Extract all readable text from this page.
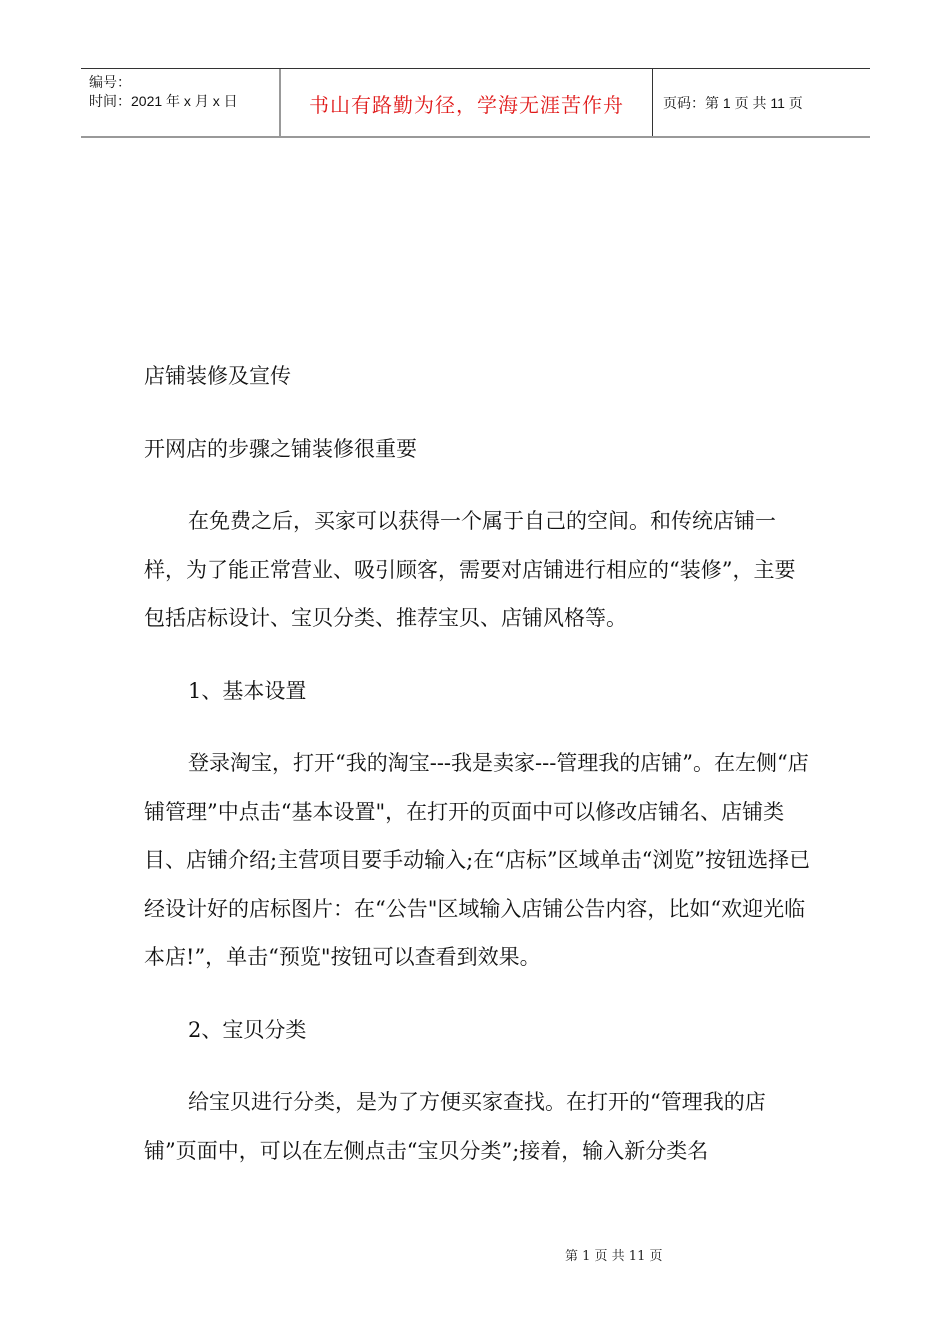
编号：
时间：2021 年 x 月 x 日	书山有路勤为径，学海无涯苦作舟	页码：第 1 页 共 11 页

店铺装修及宣传

开网店的步骤之铺装修很重要

在免费之后，买家可以获得一个属于自己的空间。和传统店铺一样，为了能正常营业、吸引顾客，需要对店铺进行相应的“装修”，主要包括店标设计、宝贝分类、推荐宝贝、店铺风格等。

1、基本设置

登录淘宝，打开“我的淘宝---我是卖家---管理我的店铺”。在左侧“店铺管理”中点击“基本设置"，在打开的页面中可以修改店铺名、店铺类目、店铺介绍;主营项目要手动输入;在“店标”区域单击“浏览”按钮选择已经设计好的店标图片：在“公告"区域输入店铺公告内容，比如“欢迎光临本店!”，单击“预览"按钮可以查看到效果。

2、宝贝分类

给宝贝进行分类，是为了方便买家查找。在打开的“管理我的店铺”页面中，可以在左侧点击“宝贝分类”;接着，输入新分类名

第 1 页 共 11 页
